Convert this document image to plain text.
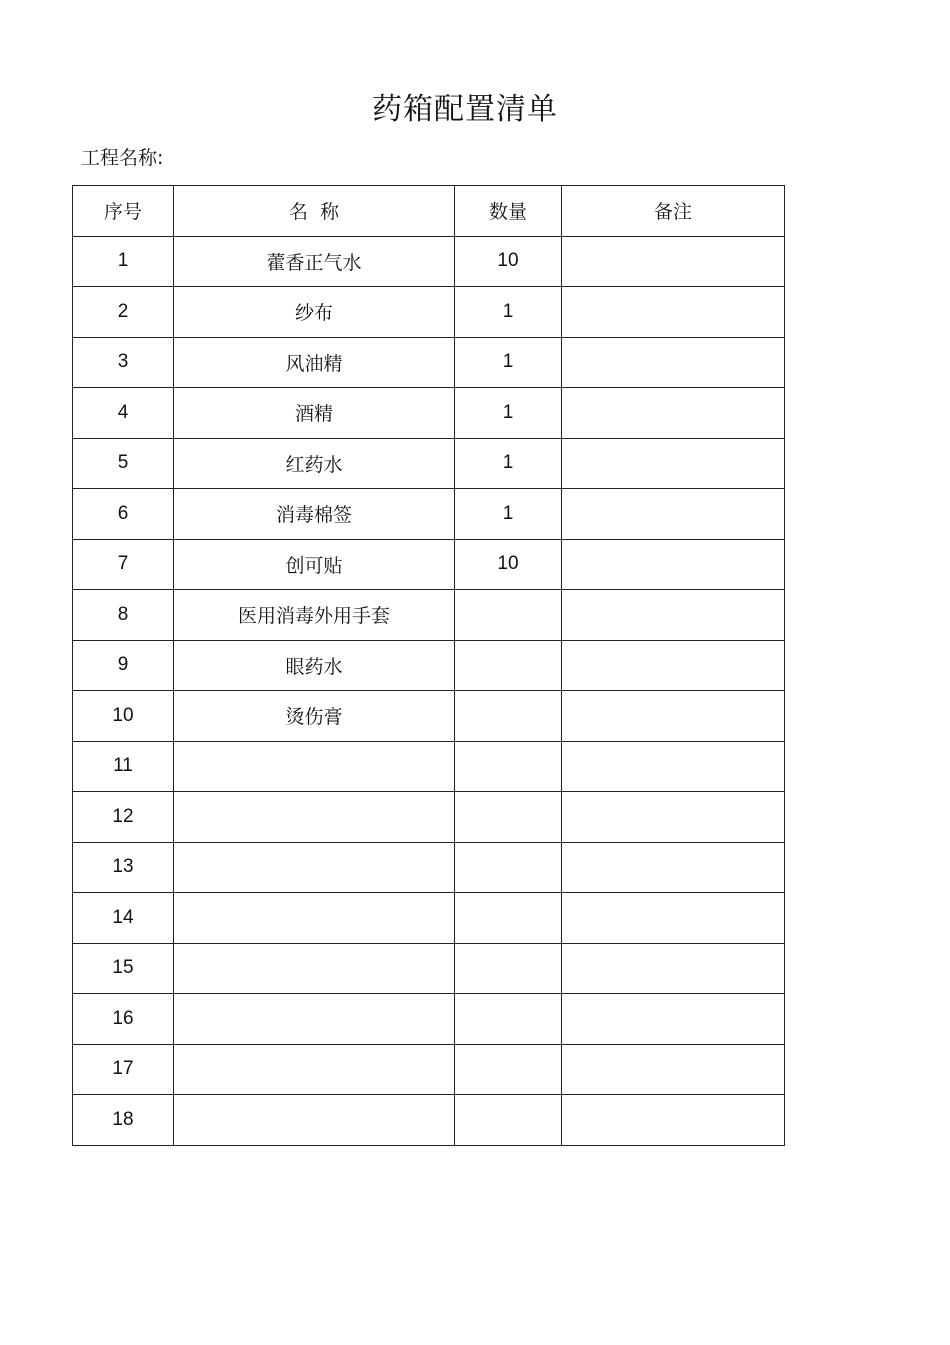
药箱配置清单
工程名称:
序号	名  称	数量	备注
1	藿香正气水	10	
2	纱布	1	
3	风油精	1	
4	酒精	1	
5	红药水	1	
6	消毒棉签	1	
7	创可贴	10	
8	医用消毒外用手套		
9	眼药水		
10	烫伤膏		
11			
12			
13			
14			
15			
16			
17			
18			
